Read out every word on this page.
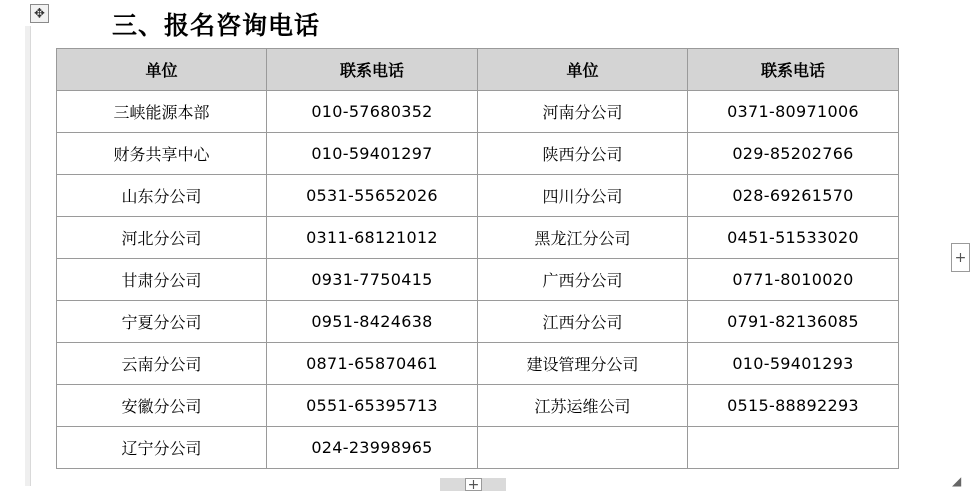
✥	三、报名咨询电话
单位	联系电话	单位	联系电话
三峡能源本部	010-57680352	河南分公司	0371-80971006
财务共享中心	010-59401297	陕西分公司	029-85202766
山东分公司	0531-55652026	四川分公司	028-69261570
河北分公司	0311-68121012	黑龙江分公司	0451-51533020
甘肃分公司	0931-7750415	广西分公司	0771-8010020
宁夏分公司	0951-8424638	江西分公司	0791-82136085
云南分公司	0871-65870461	建设管理分公司	010-59401293
安徽分公司	0551-65395713	江苏运维公司	0515-88892293
辽宁分公司	024-23998965		
+
+	◢
